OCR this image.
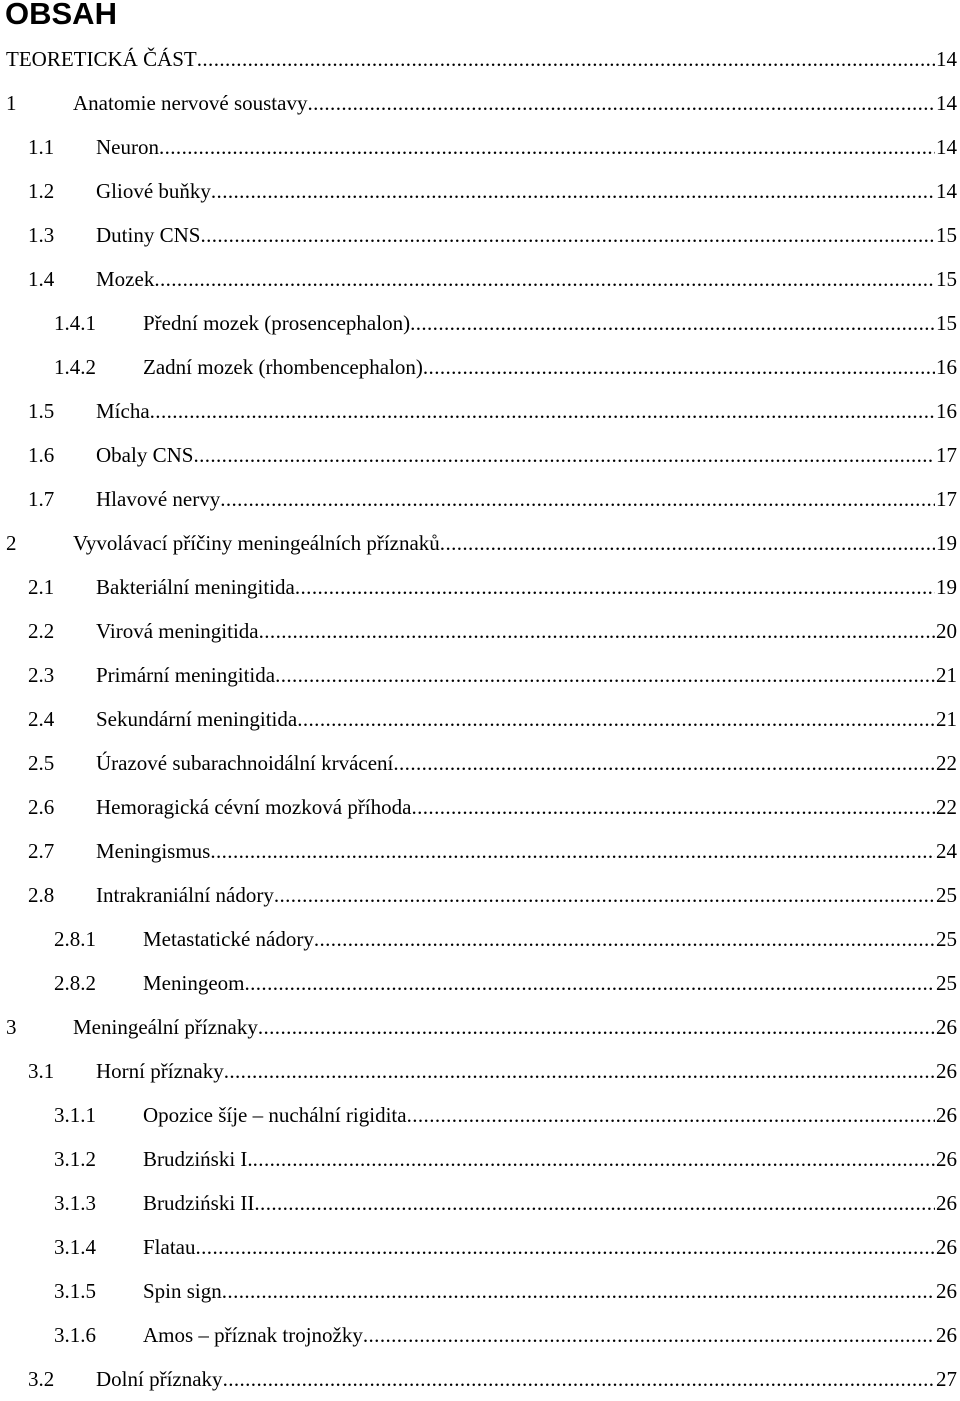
OBSAH
TEORETICKÁ ČÁST .....	14
1	Anatomie nervové soustavy .....	14
1.1 Neuron .....	14
1.2 Gliové buňky .....	14
1.3 Dutiny CNS .....	15
1.4 Mozek .....	15
1.4.1 Přední mozek (prosencephalon) .....	15
1.4.2 Zadní mozek (rhombencephalon) .....	16
1.5 Mícha .....	16
1.6 Obaly CNS .....	17
1.7 Hlavové nervy .....	17
2	Vyvolávací příčiny meningeálních příznaků .....	19
2.1 Bakteriální meningitida .....	19
2.2 Virová meningitida .....	20
2.3 Primární meningitida .....	21
2.4 Sekundární meningitida .....	21
2.5 Úrazové subarachnoidální krvácení .....	22
2.6 Hemoragická cévní mozková příhoda .....	22
2.7 Meningismus .....	24
2.8 Intrakraniální nádory .....	25
2.8.1 Metastatické nádory .....	25
2.8.2 Meningeom .....	25
3	Meningeální příznaky .....	26
3.1 Horní příznaky .....	26
3.1.1 Opozice šíje – nuchální rigidita .....	26
3.1.2 Brudziński I. .....	26
3.1.3 Brudziński II .....	26
3.1.4 Flatau .....	26
3.1.5 Spin sign .....	26
3.1.6 Amos – příznak trojnožky .....	26
3.2 Dolní příznaky .....	27
